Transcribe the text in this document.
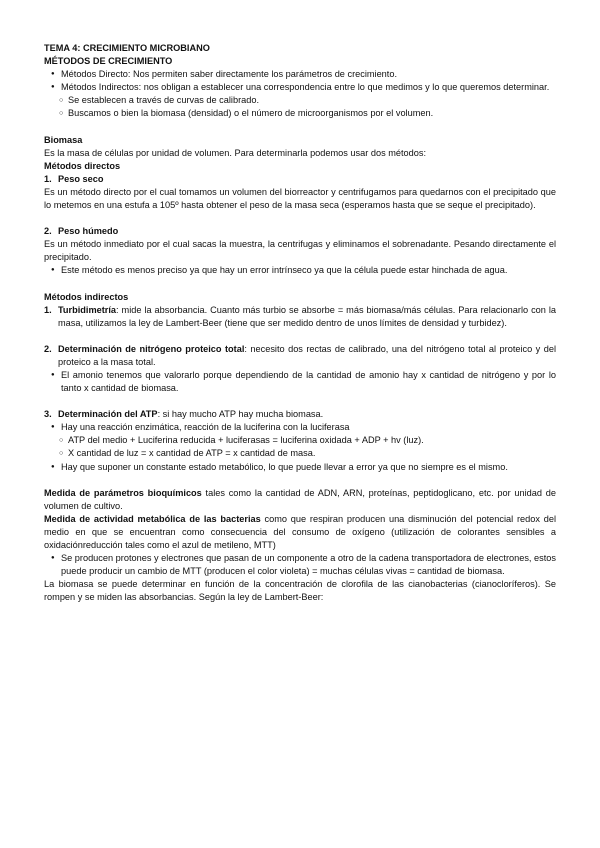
TEMA 4: CRECIMIENTO MICROBIANO

MÉTODOS DE CRECIMIENTO

● Métodos Directo: Nos permiten saber directamente los parámetros de crecimiento.
● Métodos Indirectos: nos obligan a establecer una correspondencia entre lo que medimos y lo que queremos determinar.
○ Se establecen a través de curvas de calibrado.
○ Buscamos o bien la biomasa (densidad) o el número de microorganismos por el volumen.

Biomasa

Es la masa de células por unidad de volumen. Para determinarla podemos usar dos métodos:

Métodos directos

1. Peso seco

Es un método directo por el cual tomamos un volumen del biorreactor y centrifugamos para quedarnos con el precipitado que lo metemos en una estufa a 105º hasta obtener el peso de la masa seca (esperamos hasta que se seque el precipitado).

2. Peso húmedo

Es un método inmediato por el cual sacas la muestra, la centrifugas y eliminamos el sobrenadante. Pesando directamente el precipitado.

● Este método es menos preciso ya que hay un error intrínseco ya que la célula puede estar hinchada de agua.

Métodos indirectos

1. Turbidimetría: mide la absorbancia. Cuanto más turbio se absorbe = más biomasa/más células. Para relacionarlo con la masa, utilizamos la ley de Lambert-Beer (tiene que ser medido dentro de unos límites de densidad y turbidez).

2. Determinación de nitrógeno proteico total: necesito dos rectas de calibrado, una del nitrógeno total al proteico y del proteico a la masa total.

● El amonio tenemos que valorarlo porque dependiendo de la cantidad de amonio hay x cantidad de nitrógeno y por lo tanto x cantidad de biomasa.

3. Determinación del ATP: si hay mucho ATP hay mucha biomasa.

● Hay una reacción enzimática, reacción de la luciferina con la luciferasa
○ ATP del medio + Luciferina reducida + luciferasas = luciferina oxidada + ADP + hv (luz).
○ X cantidad de luz = x cantidad de ATP = x cantidad de masa.
● Hay que suponer un constante estado metabólico, lo que puede llevar a error ya que no siempre es el mismo.

Medida de parámetros bioquímicos tales como la cantidad de ADN, ARN, proteínas, peptidoglicano, etc. por unidad de volumen de cultivo.

Medida de actividad metabólica de las bacterias como que respiran producen una disminución del potencial redox del medio en que se encuentran como consecuencia del consumo de oxígeno (utilización de colorantes sensibles a oxidaciónreducción tales como el azul de metileno, MTT)

● Se producen protones y electrones que pasan de un componente a otro de la cadena transportadora de electrones, estos puede producir un cambio de MTT (producen el color violeta) = muchas células vivas = cantidad de biomasa.

La biomasa se puede determinar en función de la concentración de clorofila de las cianobacterias (cianocloríferos). Se rompen y se miden las absorbancias. Según la ley de Lambert-Beer:
